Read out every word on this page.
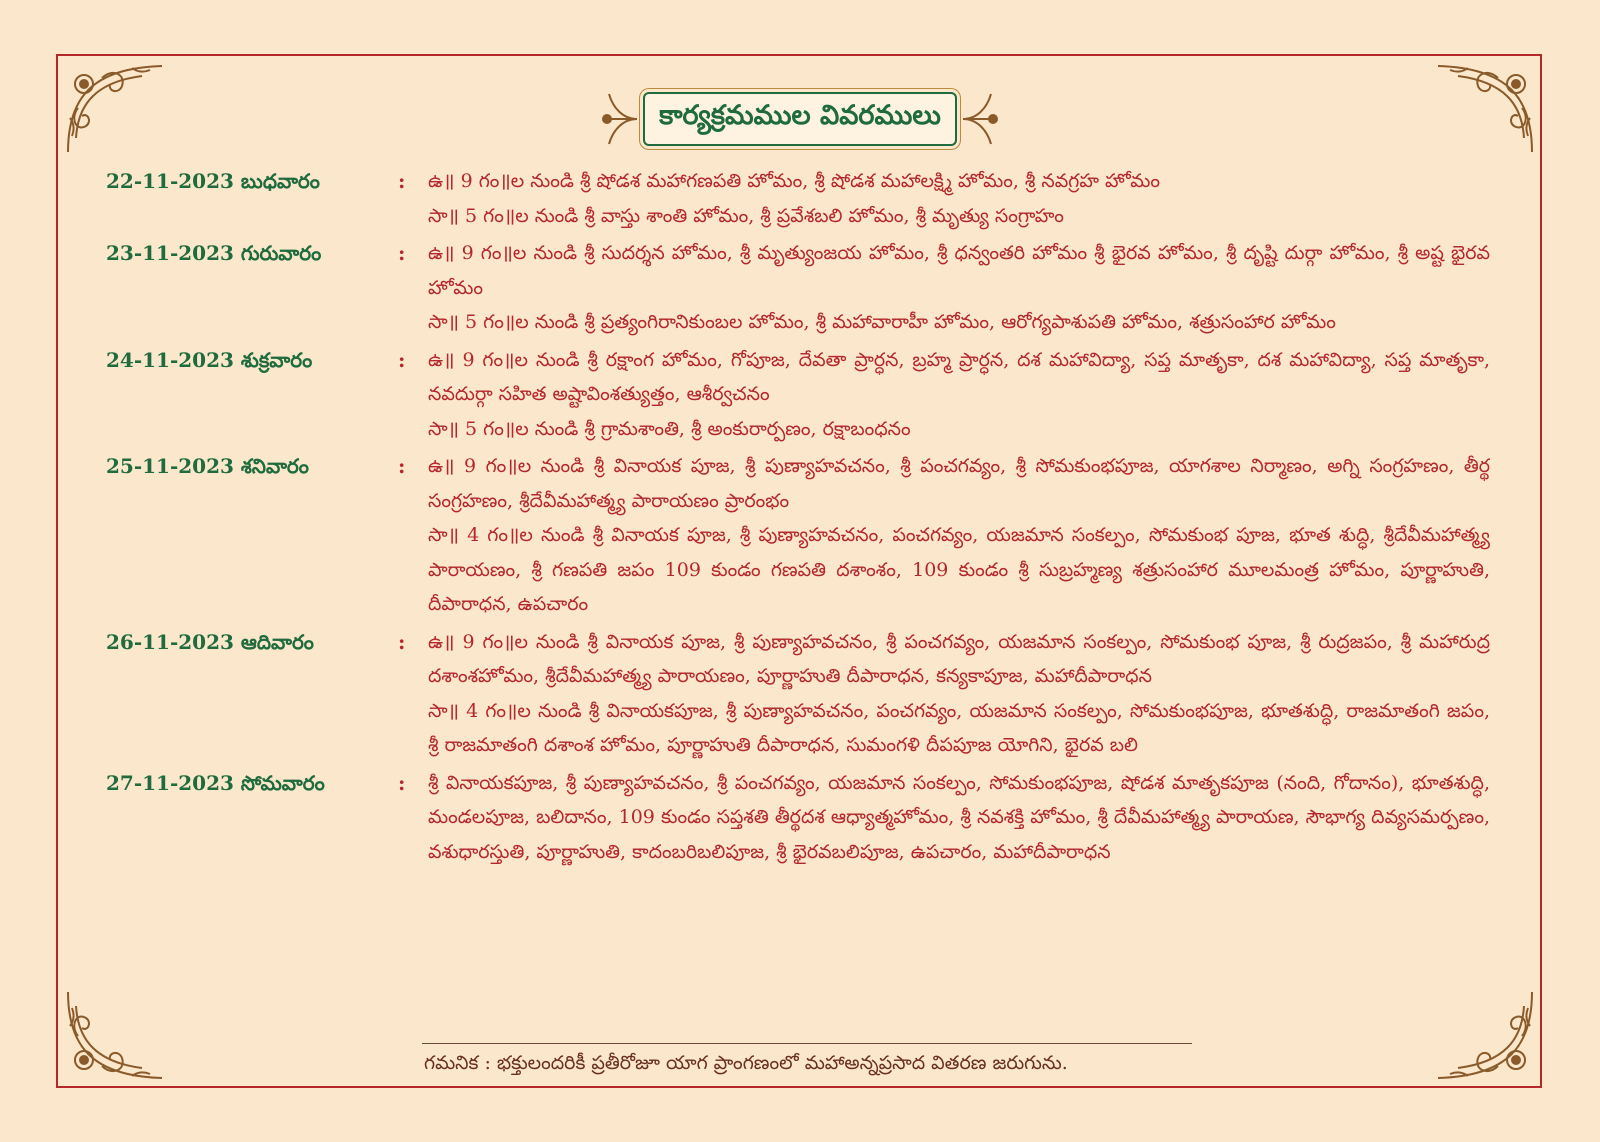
కార్యక్రమముల వివరములు
22-11-2023 బుధవారం	:	ఉ॥ 9 గం॥ల నుండి శ్రీ షోడశ మహాగణపతి హోమం, శ్రీ షోడశ మహాలక్ష్మి హోమం, శ్రీ నవగ్రహ హోమం

సా॥ 5 గం॥ల నుండి శ్రీ వాస్తు శాంతి హోమం, శ్రీ ప్రవేశబలి హోమం, శ్రీ మృత్యు సంగ్రాహం

23-11-2023 గురువారం	:	ఉ॥ 9 గం॥ల నుండి శ్రీ సుదర్శన హోమం, శ్రీ మృత్యుంజయ హోమం, శ్రీ ధన్వంతరి హోమం శ్రీ భైరవ హోమం, శ్రీ దృష్టి దుర్గా హోమం, శ్రీ అష్ట భైరవ హోమం

సా॥ 5 గం॥ల నుండి శ్రీ ప్రత్యంగిరానికుంబల హోమం, శ్రీ మహావారాహీ హోమం, ఆరోగ్యపాశుపతి హోమం, శత్రుసంహార హోమం

24-11-2023 శుక్రవారం	:	ఉ॥ 9 గం॥ల నుండి శ్రీ రక్షాంగ హోమం, గోపూజ, దేవతా ప్రార్ధన, బ్రహ్మ ప్రార్ధన, దశ మహావిద్యా, సప్త మాతృకా, దశ మహావిద్యా, సప్త మాతృకా, నవదుర్గా సహిత అష్టావింశత్యుత్తం, ఆశీర్వచనం

సా॥ 5 గం॥ల నుండి శ్రీ గ్రామశాంతి, శ్రీ అంకురార్పణం, రక్షాబంధనం

25-11-2023 శనివారం	:	ఉ॥ 9 గం॥ల నుండి శ్రీ వినాయక పూజ, శ్రీ పుణ్యాహవచనం, శ్రీ పంచగవ్యం, శ్రీ సోమకుంభపూజ, యాగశాల నిర్మాణం, అగ్ని సంగ్రహణం, తీర్థ సంగ్రహణం, శ్రీదేవీమహాత్మ్య పారాయణం ప్రారంభం

సా॥ 4 గం॥ల నుండి శ్రీ వినాయక పూజ, శ్రీ పుణ్యాహవచనం, పంచగవ్యం, యజమాన సంకల్పం, సోమకుంభ పూజ, భూత శుద్ధి, శ్రీదేవీమహాత్మ్య పారాయణం, శ్రీ గణపతి జపం 109 కుండం గణపతి దశాంశం, 109 కుండం శ్రీ సుబ్రహ్మణ్య శత్రుసంహార మూలమంత్ర హోమం, పూర్ణాహుతి, దీపారాధన, ఉపచారం

26-11-2023 ఆదివారం	:	ఉ॥ 9 గం॥ల నుండి శ్రీ వినాయక పూజ, శ్రీ పుణ్యాహవచనం, శ్రీ పంచగవ్యం, యజమాన సంకల్పం, సోమకుంభ పూజ, శ్రీ రుద్రజపం, శ్రీ మహారుద్ర దశాంశహోమం, శ్రీదేవీమహాత్మ్య పారాయణం, పూర్ణాహుతి దీపారాధన, కన్యకాపూజ, మహాదీపారాధన

సా॥ 4 గం॥ల నుండి శ్రీ వినాయకపూజ, శ్రీ పుణ్యాహవచనం, పంచగవ్యం, యజమాన సంకల్పం, సోమకుంభపూజ, భూతశుద్ధి, రాజమాతంగి జపం, శ్రీ రాజమాతంగి దశాంశ హోమం, పూర్ణాహుతి దీపారాధన, సుమంగళి దీపపూజ యోగిని, భైరవ బలి

27-11-2023 సోమవారం	:	శ్రీ వినాయకపూజ, శ్రీ పుణ్యాహవచనం, శ్రీ పంచగవ్యం, యజమాన సంకల్పం, సోమకుంభపూజ, షోడశ మాతృకపూజ (నంది, గోదానం), భూతశుద్ధి, మండలపూజ, బలిదానం, 109 కుండం సప్తశతి తీర్థదశ ఆధ్యాత్మహోమం, శ్రీ నవశక్తి హోమం, శ్రీ దేవీమహాత్మ్య పారాయణ, సౌభాగ్య దివ్యసమర్పణం, వశుధారస్తుతి, పూర్ణాహుతి, కాదంబరిబలిపూజ, శ్రీ భైరవబలిపూజ, ఉపచారం, మహాదీపారాధన

గమనిక : భక్తులందరికీ ప్రతీరోజూ యాగ ప్రాంగణంలో మహాఅన్నప్రసాద వితరణ జరుగును.
